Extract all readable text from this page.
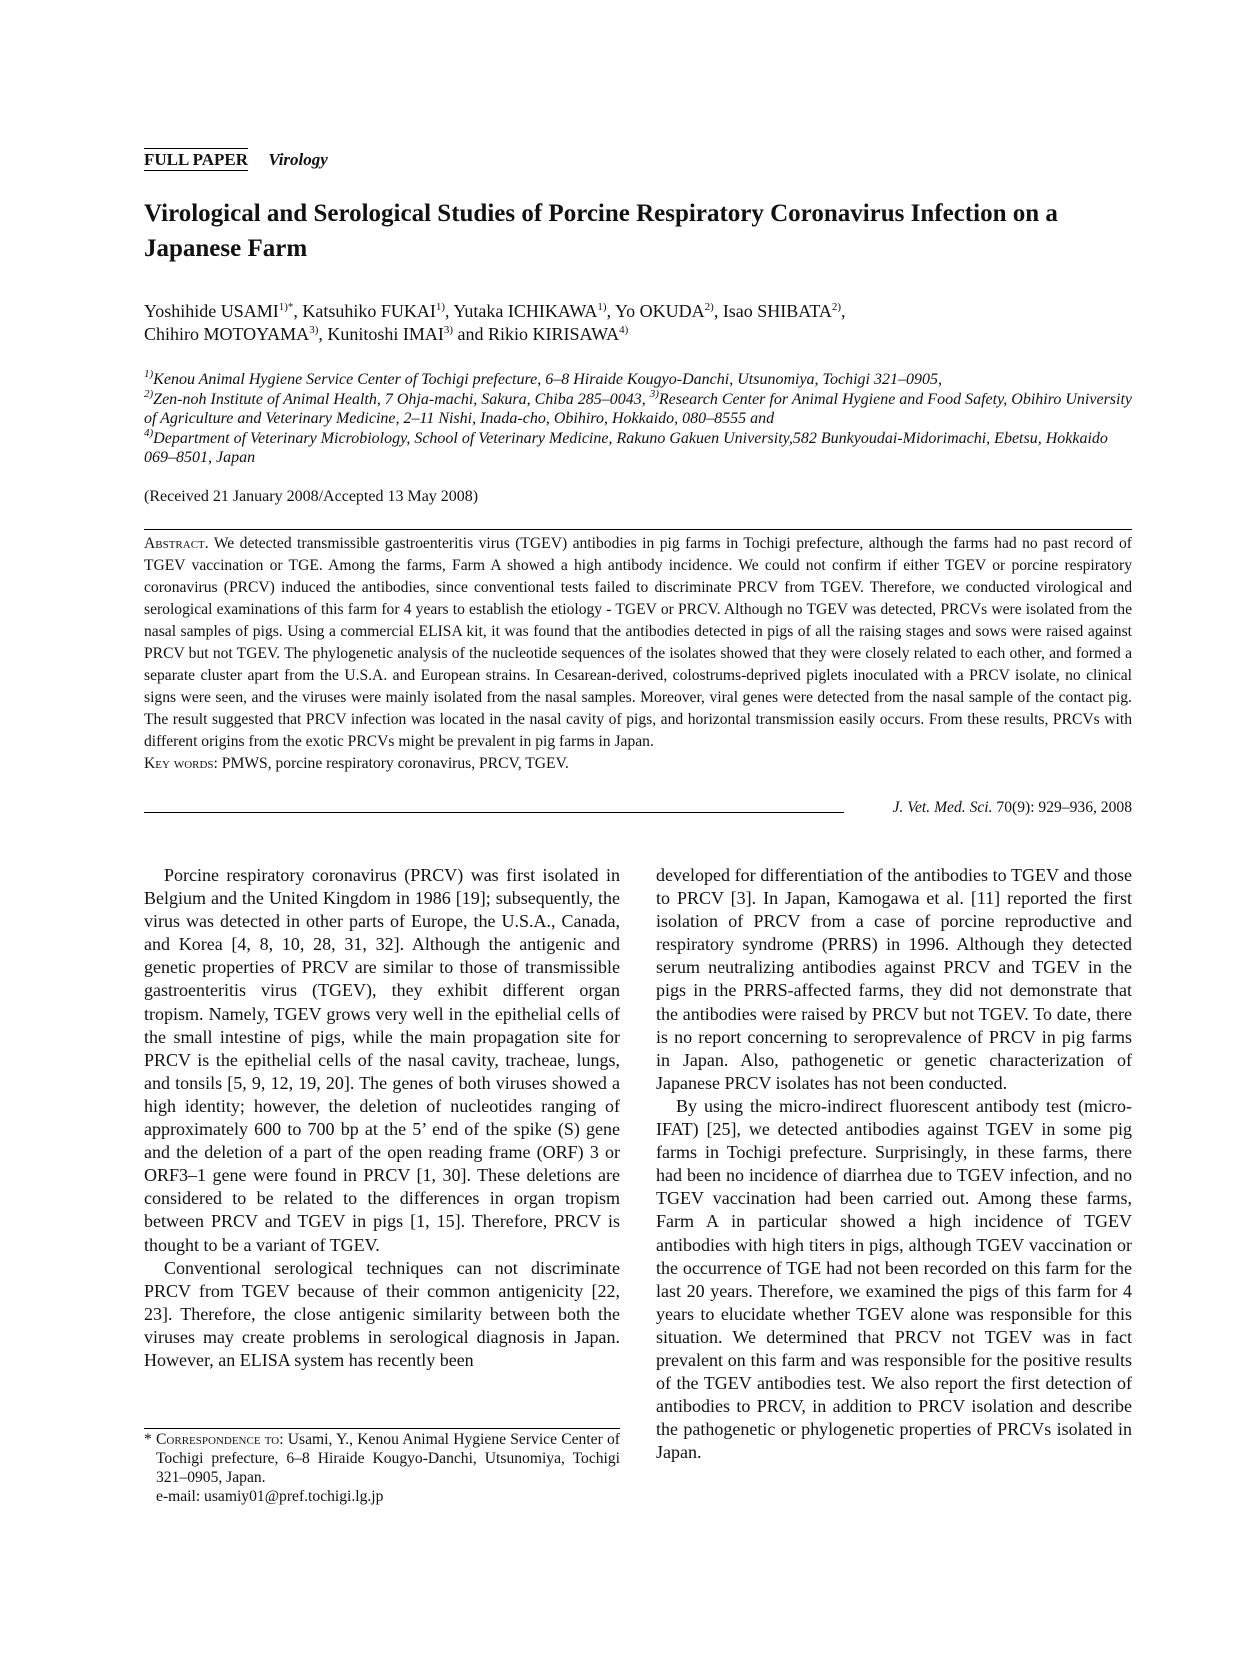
FULL PAPER Virology
Virological and Serological Studies of Porcine Respiratory Coronavirus Infection on a Japanese Farm
Yoshihide $USAMI^{1)*}$, Katsuhiko FUKAI$^{1)}$, Yutaka ICHIKAWA$^{1)}$, Yo OKUDA$^{2)}$, Isao SHIBATA$^{2)}$,
Chihiro MOTOYAMA$^{3)}$, Kunitoshi IMAI$^{3)}$ and Rikio KIRISAWA$^{4)}$
$^{1)}$Kenou Animal Hygiene Service Center of Tochigi prefecture, 6–8 Hiraide Kougyo-Danchi, Utsunomiya, Tochigi 321–0905,
$^{2)}$Zen-noh Institute of Animal Health, 7 Ohja-machi, Sakura, Chiba 285–0043, $^{3)}$Research Center for Animal Hygiene and Food Safety, Obihiro University of Agriculture and Veterinary Medicine, 2–11 Nishi, Inada-cho, Obihiro, Hokkaido, 080–8555 and
$^{4)}$Department of Veterinary Microbiology, School of Veterinary Medicine, Rakuno Gakuen University,582 Bunkyoudai-Midorimachi, Ebetsu, Hokkaido 069–8501, Japan
(Received 21 January 2008/Accepted 13 May 2008)
Abstract. We detected transmissible gastroenteritis virus (TGEV) antibodies in pig farms in Tochigi prefecture, although the farms had no past record of TGEV vaccination or TGE. Among the farms, Farm A showed a high antibody incidence. We could not confirm if either TGEV or porcine respiratory coronavirus (PRCV) induced the antibodies, since conventional tests failed to discriminate PRCV from TGEV. Therefore, we conducted virological and serological examinations of this farm for 4 years to establish the etiology - TGEV or PRCV. Although no TGEV was detected, PRCVs were isolated from the nasal samples of pigs. Using a commercial ELISA kit, it was found that the antibodies detected in pigs of all the raising stages and sows were raised against PRCV but not TGEV. The phylogenetic analysis of the nucleotide sequences of the isolates showed that they were closely related to each other, and formed a separate cluster apart from the U.S.A. and European strains. In Cesarean-derived, colostrums-deprived piglets inoculated with a PRCV isolate, no clinical signs were seen, and the viruses were mainly isolated from the nasal samples. Moreover, viral genes were detected from the nasal sample of the contact pig. The result suggested that PRCV infection was located in the nasal cavity of pigs, and horizontal transmission easily occurs. From these results, PRCVs with different origins from the exotic PRCVs might be prevalent in pig farms in Japan.
Key words: PMWS, porcine respiratory coronavirus, PRCV, TGEV.
J. Vet. Med. Sci. 70(9): 929–936, 2008

Porcine respiratory coronavirus (PRCV) was first isolated in Belgium and the United Kingdom in 1986 [19]; subsequently, the virus was detected in other parts of Europe, the U.S.A., Canada, and Korea [4, 8, 10, 28, 31, 32]. Although the antigenic and genetic properties of PRCV are similar to those of transmissible gastroenteritis virus (TGEV), they exhibit different organ tropism. Namely, TGEV grows very well in the epithelial cells of the small intestine of pigs, while the main propagation site for PRCV is the epithelial cells of the nasal cavity, tracheae, lungs, and tonsils [5, 9, 12, 19, 20]. The genes of both viruses showed a high identity; however, the deletion of nucleotides ranging of approximately 600 to 700 bp at the 5’ end of the spike (S) gene and the deletion of a part of the open reading frame (ORF) 3 or ORF3–1 gene were found in PRCV [1, 30]. These deletions are considered to be related to the differences in organ tropism between PRCV and TGEV in pigs [1, 15]. Therefore, PRCV is thought to be a variant of TGEV.

Conventional serological techniques can not discriminate PRCV from TGEV because of their common antigenicity [22, 23]. Therefore, the close antigenic similarity between both the viruses may create problems in serological diagnosis in Japan. However, an ELISA system has recently been

* Correspondence to: Usami, Y., Kenou Animal Hygiene Service Center of Tochigi prefecture, 6–8 Hiraide Kougyo-Danchi, Utsunomiya, Tochigi 321–0905, Japan.
e-mail: usamiy01@pref.tochigi.lg.jp

developed for differentiation of the antibodies to TGEV and those to PRCV [3]. In Japan, Kamogawa et al. [11] reported the first isolation of PRCV from a case of porcine reproductive and respiratory syndrome (PRRS) in 1996. Although they detected serum neutralizing antibodies against PRCV and TGEV in the pigs in the PRRS-affected farms, they did not demonstrate that the antibodies were raised by PRCV but not TGEV. To date, there is no report concerning to seroprevalence of PRCV in pig farms in Japan. Also, pathogenetic or genetic characterization of Japanese PRCV isolates has not been conducted.

By using the micro-indirect fluorescent antibody test (micro-IFAT) [25], we detected antibodies against TGEV in some pig farms in Tochigi prefecture. Surprisingly, in these farms, there had been no incidence of diarrhea due to TGEV infection, and no TGEV vaccination had been carried out. Among these farms, Farm A in particular showed a high incidence of TGEV antibodies with high titers in pigs, although TGEV vaccination or the occurrence of TGE had not been recorded on this farm for the last 20 years. Therefore, we examined the pigs of this farm for 4 years to elucidate whether TGEV alone was responsible for this situation. We determined that PRCV not TGEV was in fact prevalent on this farm and was responsible for the positive results of the TGEV antibodies test. We also report the first detection of antibodies to PRCV, in addition to PRCV isolation and describe the pathogenetic or phylogenetic properties of PRCVs isolated in Japan.
